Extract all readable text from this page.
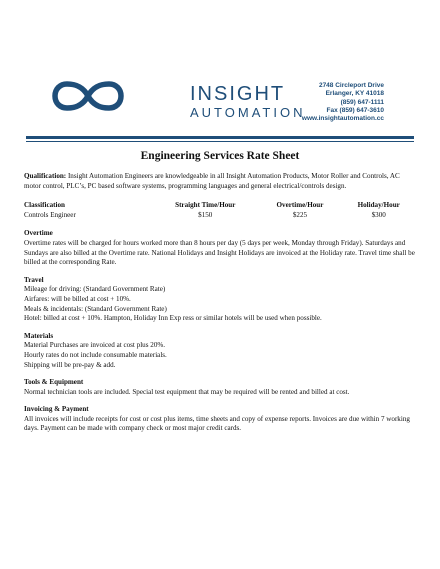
INSIGHT
AUTOMATION
2748 Circleport Drive
Erlanger, KY 41018
(859) 647-1111
Fax (859) 647-3610
www.insightautomation.cc
Engineering Services Rate Sheet

Qualification: Insight Automation Engineers are knowledgeable in all Insight Automation Products, Motor Roller and Controls, AC motor control, PLC’s, PC based software systems, programming languages and general electrical/controls design.

Classification	Straight Time/Hour	Overtime/Hour	Holiday/Hour
Controls Engineer	$150	$225	$300
Overtime

Overtime rates will be charged for hours worked more than 8 hours per day (5 days per week, Monday through Friday). Saturdays and Sundays are also billed at the Overtime rate. National Holidays and Insight Holidays are invoiced at the Holiday rate. Travel time shall be billed at the corresponding Rate.

Travel

Mileage for driving: (Standard Government Rate)

Airfares: will be billed at cost + 10%.

Meals & incidentals: (Standard Government Rate)

Hotel: billed at cost + 10%. Hampton, Holiday Inn Exp ress or similar hotels will be used when possible.

Materials

Material Purchases are invoiced at cost plus 20%.

Hourly rates do not include consumable materials.

Shipping will be pre-pay & add.

Tools & Equipment

Normal technician tools are included. Special test equipment that may be required will be rented and billed at cost.

Invoicing & Payment

All invoices will include receipts for cost or cost plus items, time sheets and copy of expense reports. Invoices are due within 7 working days. Payment can be made with company check or most major credit cards.
